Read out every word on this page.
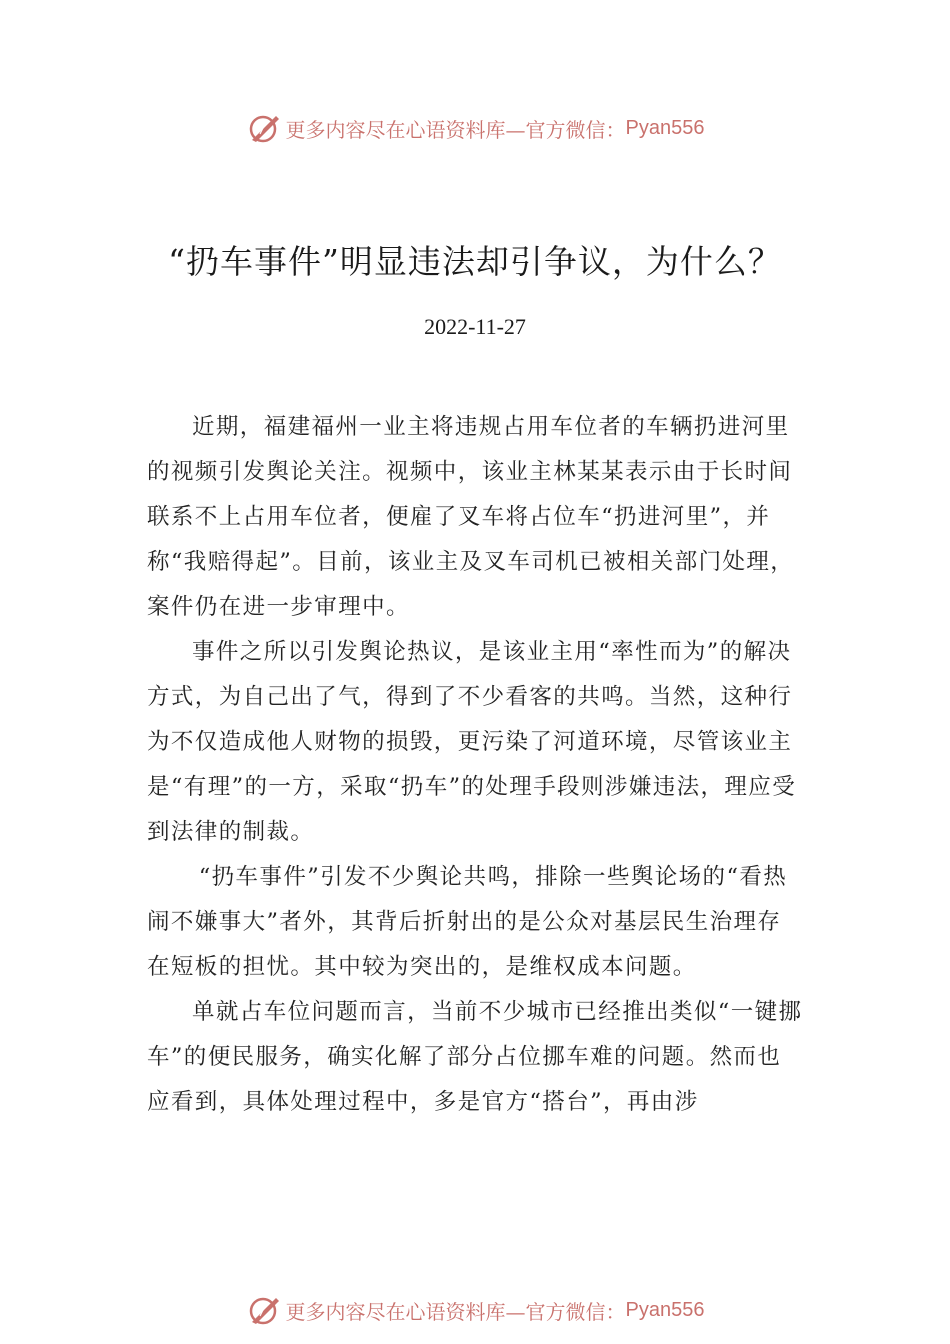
更多内容尽在心语资料库—官方微信： Pyan556
“扔车事件”明显违法却引争议，为什么？
2022-11-27

近期，福建福州一业主将违规占用车位者的车辆扔进河里的视频引发舆论关注。视频中，该业主林某某表示由于长时间联系不上占用车位者，便雇了叉车将占位车“扔进河里”，并称“我赔得起”。目前，该业主及叉车司机已被相关部门处理，案件仍在进一步审理中。

事件之所以引发舆论热议，是该业主用“率性而为”的解决方式，为自己出了气，得到了不少看客的共鸣。当然，这种行为不仅造成他人财物的损毁，更污染了河道环境，尽管该业主是“有理”的一方，采取“扔车”的处理手段则涉嫌违法，理应受到法律的制裁。

“扔车事件”引发不少舆论共鸣，排除一些舆论场的“看热闹不嫌事大”者外，其背后折射出的是公众对基层民生治理存在短板的担忧。其中较为突出的，是维权成本问题。

单就占车位问题而言，当前不少城市已经推出类似“一键挪车”的便民服务，确实化解了部分占位挪车难的问题。然而也应看到，具体处理过程中，多是官方“搭台”，再由涉

更多内容尽在心语资料库—官方微信： Pyan556
